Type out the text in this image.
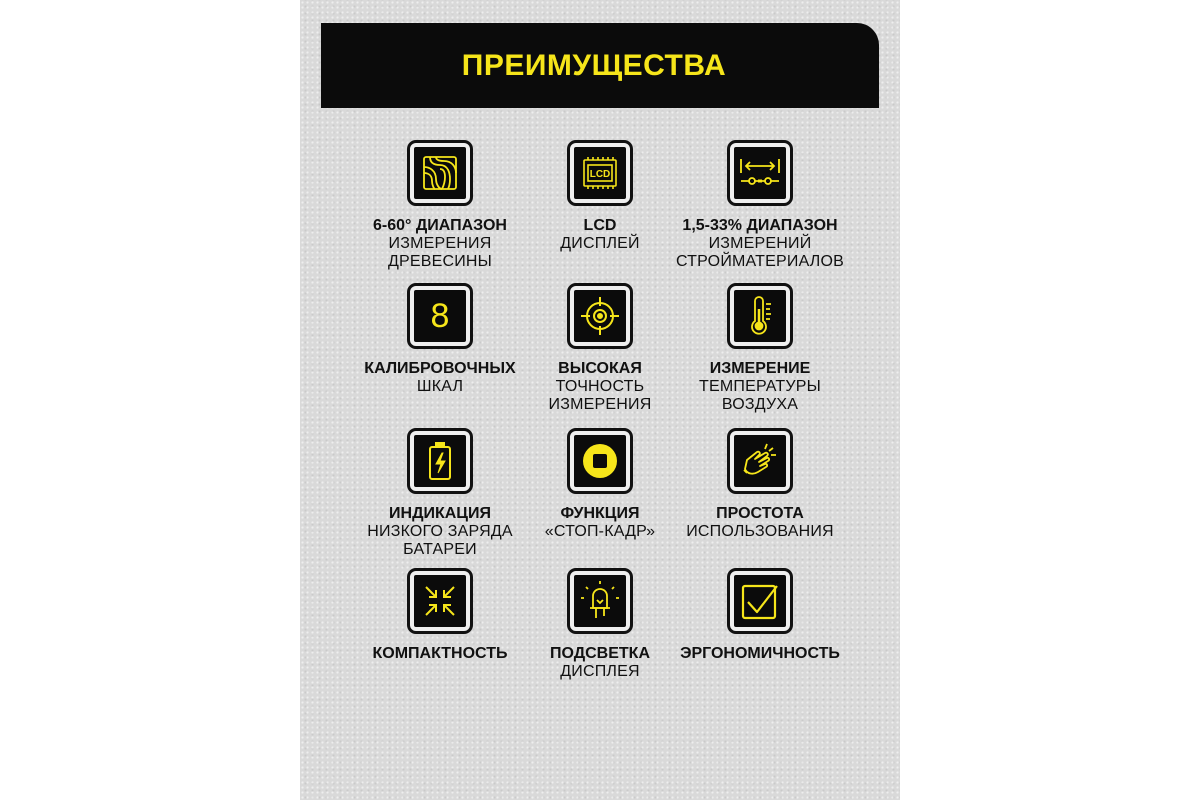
ПРЕИМУЩЕСТВА
6-60° ДИАПАЗОН
ИЗМЕРЕНИЯ
ДРЕВЕСИНЫ
LCD
LCD
ДИСПЛЕЙ
1,5-33% ДИАПАЗОН
ИЗМЕРЕНИЙ
СТРОЙМАТЕРИАЛОВ
8
КАЛИБРОВОЧНЫХ
ШКАЛ
ВЫСОКАЯ
ТОЧНОСТЬ
ИЗМЕРЕНИЯ
ИЗМЕРЕНИЕ
ТЕМПЕРАТУРЫ
ВОЗДУХА
ИНДИКАЦИЯ
НИЗКОГО ЗАРЯДА
БАТАРЕИ
ФУНКЦИЯ
«СТОП-КАДР»
ПРОСТОТА
ИСПОЛЬЗОВАНИЯ
КОМПАКТНОСТЬ	ПОДСВЕТКА
ДИСПЛЕЯ
ЭРГОНОМИЧНОСТЬ
